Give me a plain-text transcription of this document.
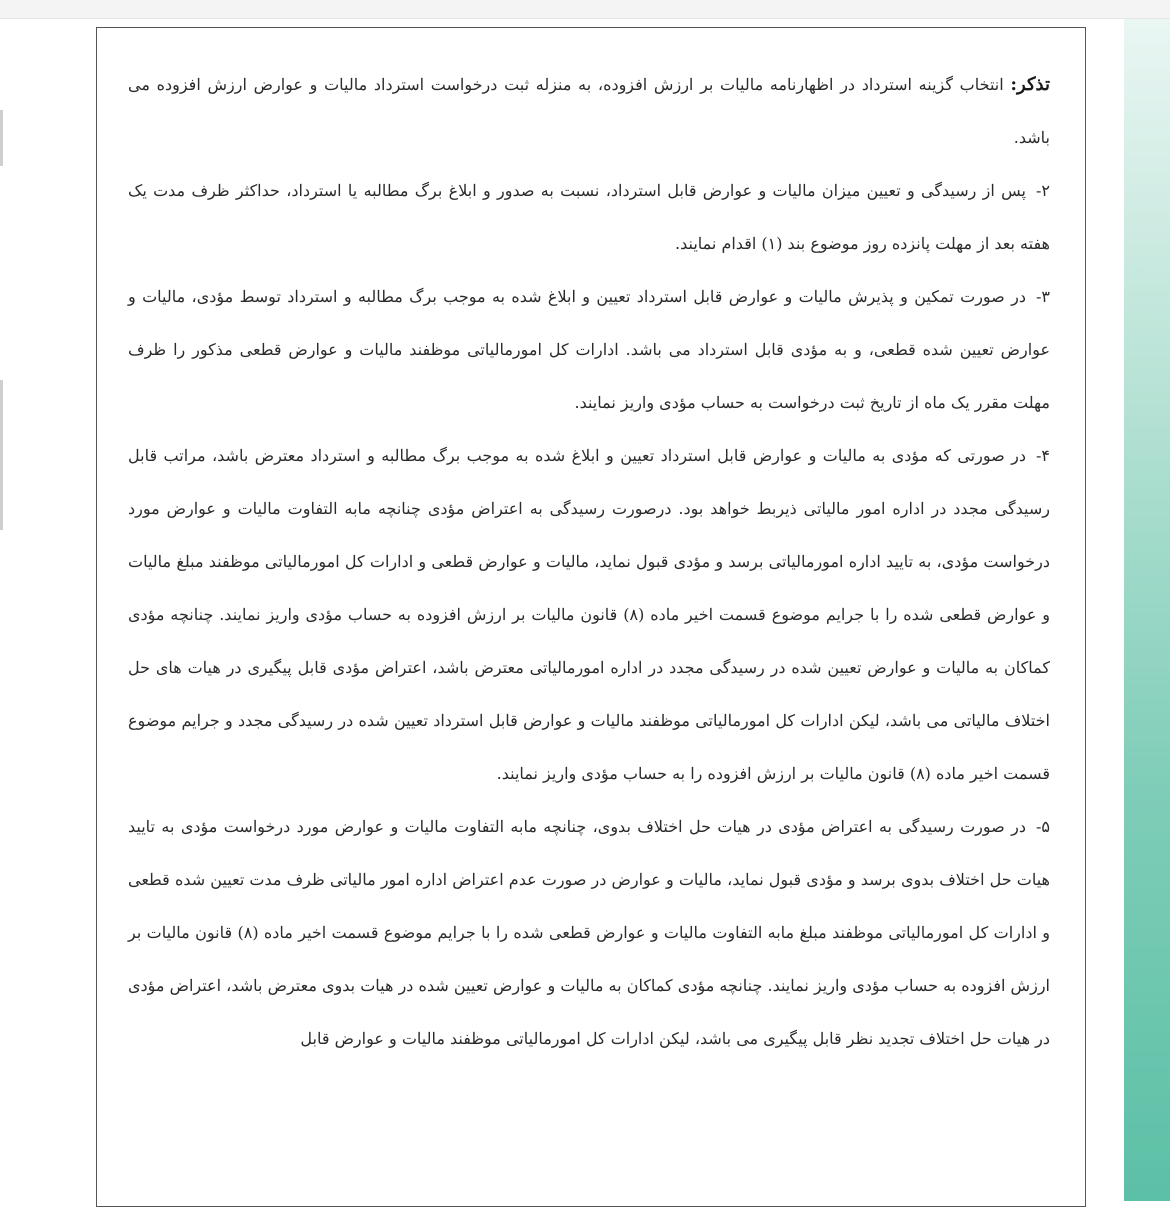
تذکر: انتخاب گزینه استرداد در اظهارنامه مالیات بر ارزش افزوده، به منزله ثبت درخواست استرداد مالیات و عوارض ارزش افزوده می باشد.

۲-پس از رسیدگی و تعیین میزان مالیات و عوارض قابل استرداد، نسبت به صدور و ابلاغ برگ مطالبه یا استرداد، حداکثر ظرف مدت یک هفته بعد از مهلت پانزده روز موضوع بند (۱) اقدام نمایند.

۳-در صورت تمکین و پذیرش مالیات و عوارض قابل استرداد تعیین و ابلاغ شده به موجب برگ مطالبه و استرداد توسط مؤدی، مالیات و عوارض تعیین شده قطعی، و به مؤدی قابل استرداد می باشد. ادارات کل امورمالیاتی موظفند مالیات و عوارض قطعی مذکور را ظرف مهلت مقرر یک ماه از تاریخ ثبت درخواست به حساب مؤدی واریز نمایند.

۴-در صورتی که مؤدی به مالیات و عوارض قابل استرداد تعیین و ابلاغ شده به موجب برگ مطالبه و استرداد معترض باشد، مراتب قابل رسیدگی مجدد در اداره امور مالیاتی ذیربط خواهد بود. درصورت رسیدگی به اعتراض مؤدی چنانچه مابه التفاوت مالیات و عوارض مورد درخواست مؤدی، به تایید اداره امورمالیاتی برسد و مؤدی قبول نماید، مالیات و عوارض قطعی و ادارات کل امورمالیاتی موظفند مبلغ مالیات و عوارض قطعی شده را با جرایم موضوع قسمت اخیر ماده (۸) قانون مالیات بر ارزش افزوده به حساب مؤدی واریز نمایند. چنانچه مؤدی کماکان به مالیات و عوارض تعیین شده در رسیدگی مجدد در اداره امورمالیاتی معترض باشد، اعتراض مؤدی قابل پیگیری در هیات های حل اختلاف مالیاتی می باشد، لیکن ادارات کل امورمالیاتی موظفند مالیات و عوارض قابل استرداد تعیین شده در رسیدگی مجدد و جرایم موضوع قسمت اخیر ماده (۸) قانون مالیات بر ارزش افزوده را به حساب مؤدی واریز نمایند.

۵-در صورت رسیدگی به اعتراض مؤدی در هیات حل اختلاف بدوی، چنانچه مابه التفاوت مالیات و عوارض مورد درخواست مؤدی به تایید هیات حل اختلاف بدوی برسد و مؤدی قبول نماید، مالیات و عوارض در صورت عدم اعتراض اداره امور مالیاتی ظرف مدت تعیین شده قطعی و ادارات کل امورمالیاتی موظفند مبلغ مابه التفاوت مالیات و عوارض قطعی شده را با جرایم موضوع قسمت اخیر ماده (۸) قانون مالیات بر ارزش افزوده به حساب مؤدی واریز نمایند. چنانچه مؤدی کماکان به مالیات و عوارض تعیین شده در هیات بدوی معترض باشد، اعتراض مؤدی در هیات حل اختلاف تجدید نظر قابل پیگیری می باشد، لیکن ادارات کل امورمالیاتی موظفند مالیات و عوارض قابل
